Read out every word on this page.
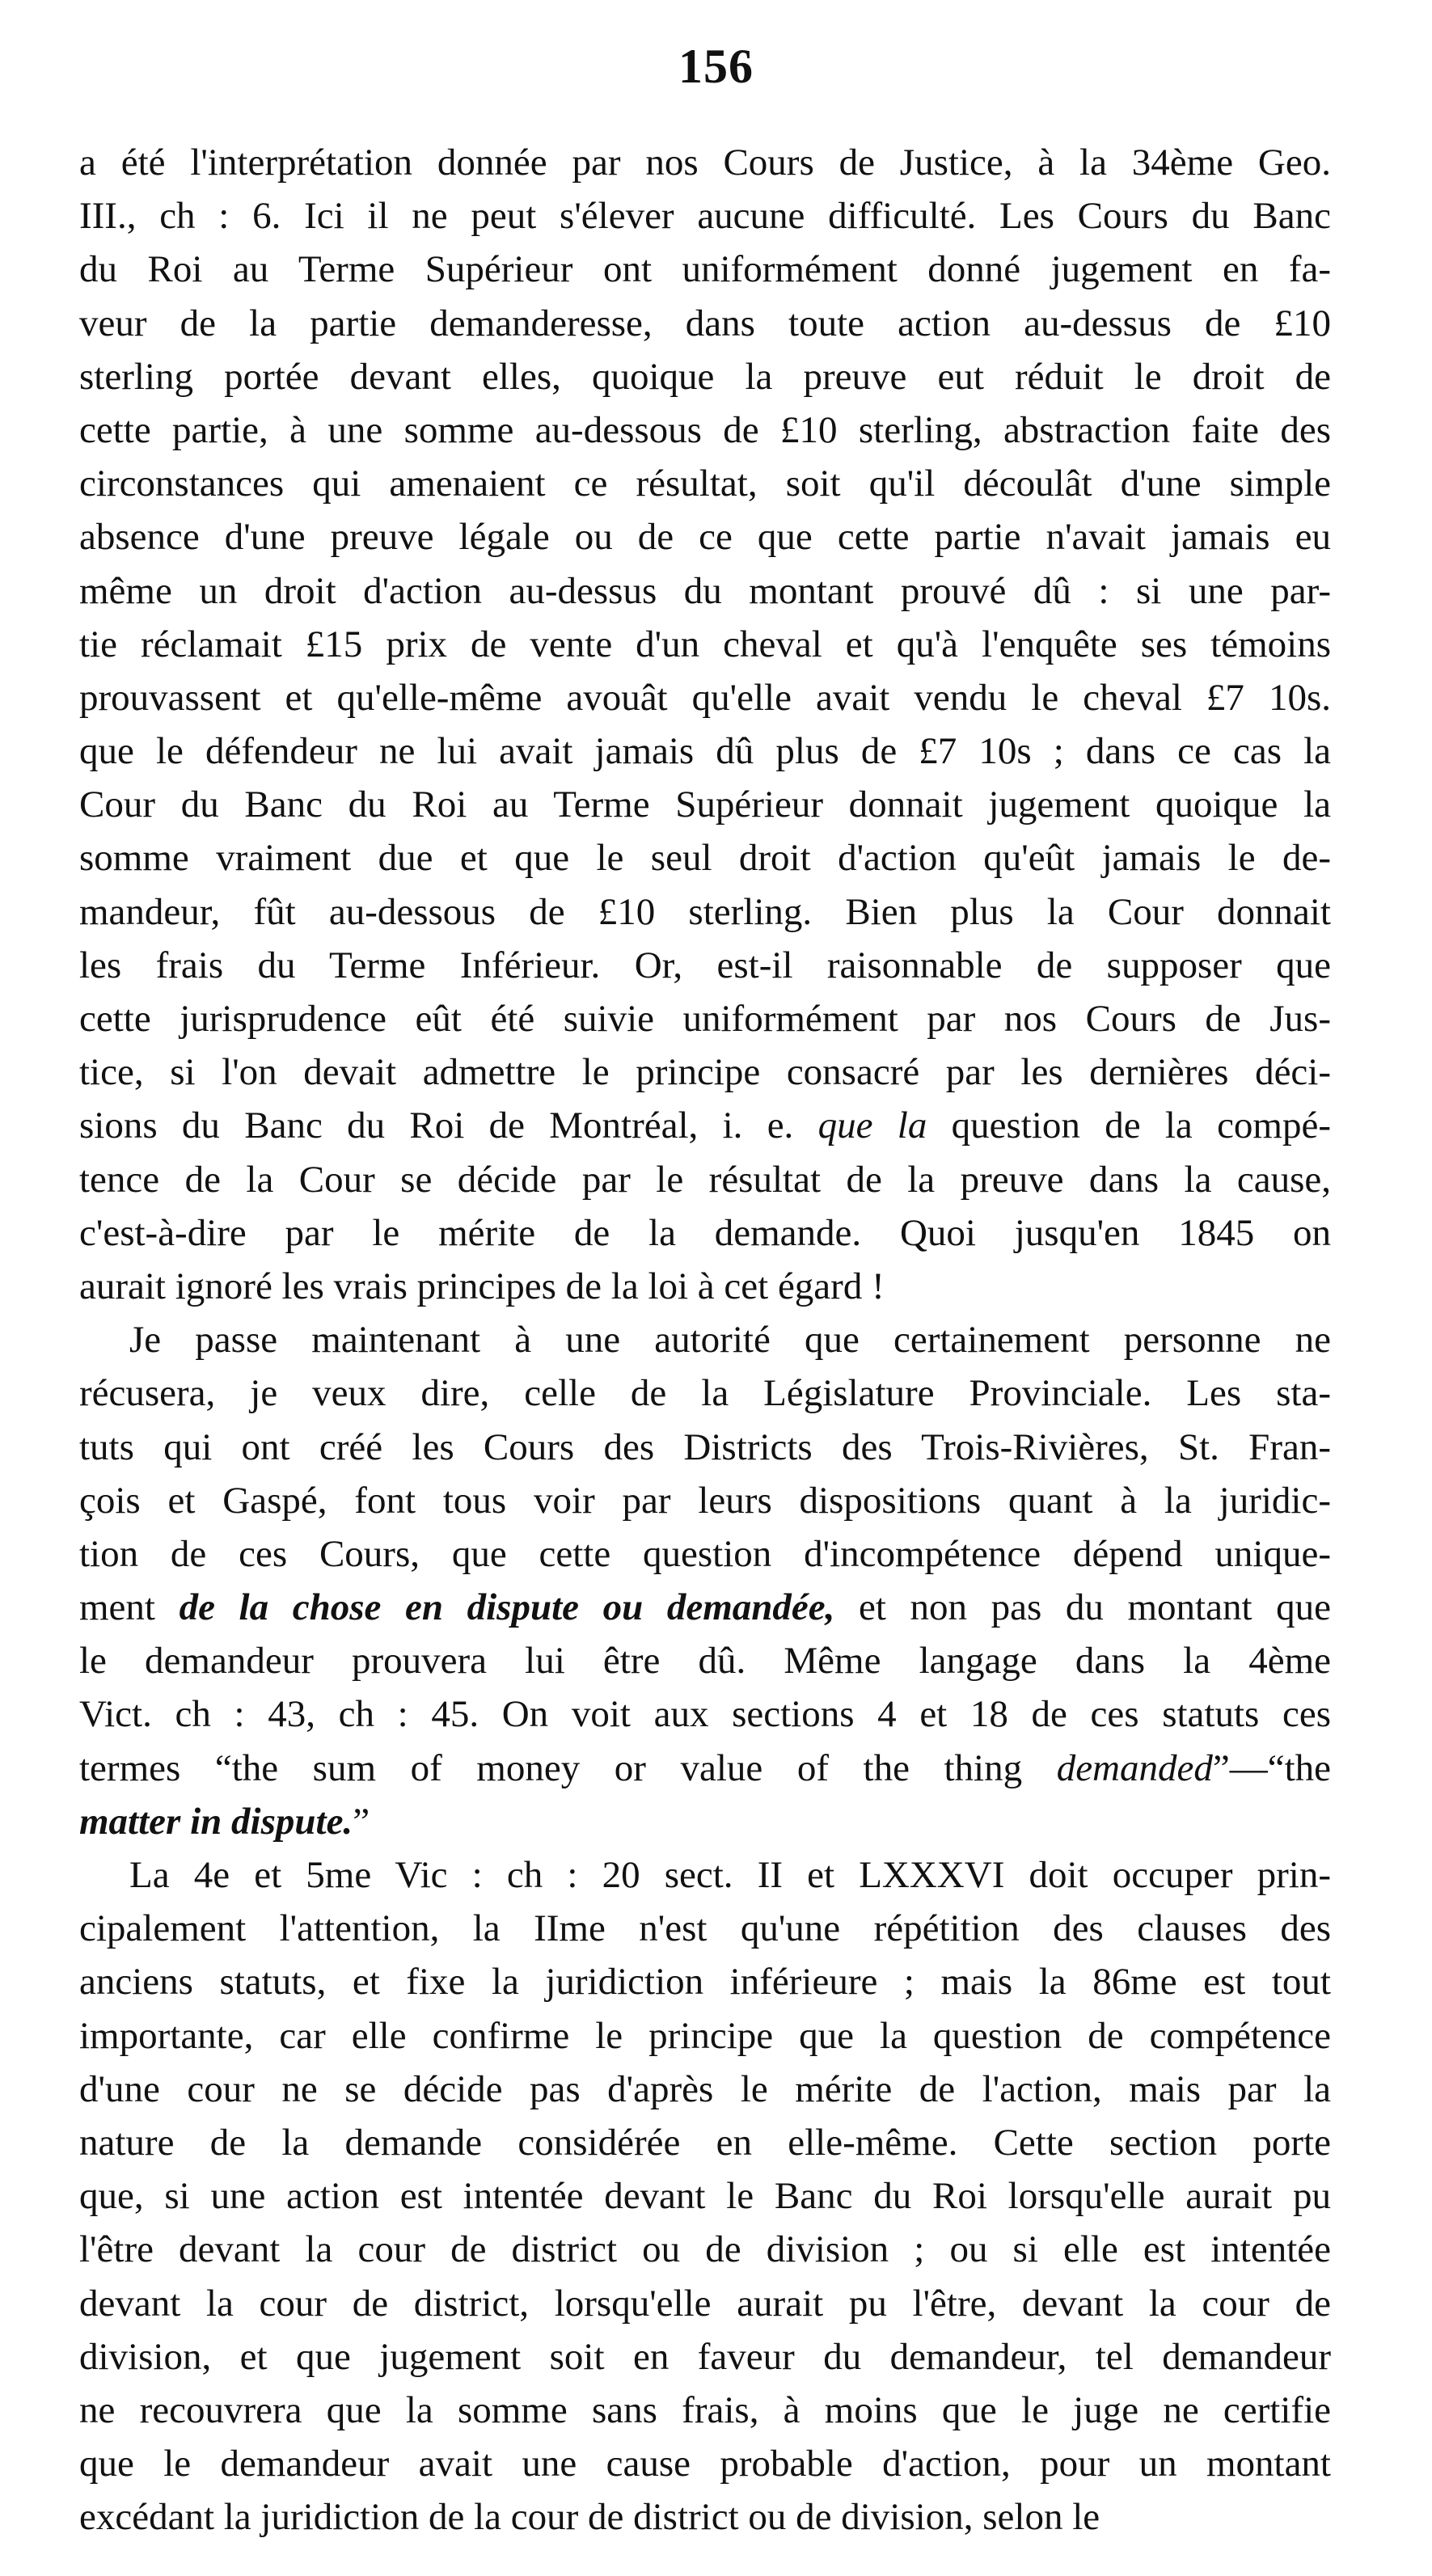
156
a été l'interprétation donnée par nos Cours de Justice, à la 34ème Geo.
III., ch : 6. Ici il ne peut s'élever aucune difficulté. Les Cours du Banc
du Roi au Terme Supérieur ont uniformément donné jugement en fa-
veur de la partie demanderesse, dans toute action au-dessus de £10
sterling portée devant elles, quoique la preuve eut réduit le droit de
cette partie, à une somme au-dessous de £10 sterling, abstraction faite des
circonstances qui amenaient ce résultat, soit qu'il découlât d'une simple
absence d'une preuve légale ou de ce que cette partie n'avait jamais eu
même un droit d'action au-dessus du montant prouvé dû : si une par-
tie réclamait £15 prix de vente d'un cheval et qu'à l'enquête ses témoins
prouvassent et qu'elle-même avouât qu'elle avait vendu le cheval £7 10s.
que le défendeur ne lui avait jamais dû plus de £7 10s ; dans ce cas la
Cour du Banc du Roi au Terme Supérieur donnait jugement quoique la
somme vraiment due et que le seul droit d'action qu'eût jamais le de-
mandeur, fût au-dessous de £10 sterling. Bien plus la Cour donnait
les frais du Terme Inférieur. Or, est-il raisonnable de supposer que
cette jurisprudence eût été suivie uniformément par nos Cours de Jus-
tice, si l'on devait admettre le principe consacré par les dernières déci-
sions du Banc du Roi de Montréal, i. e. que la question de la compé-
tence de la Cour se décide par le résultat de la preuve dans la cause,
c'est-à-dire par le mérite de la demande. Quoi jusqu'en 1845 on
aurait ignoré les vrais principes de la loi à cet égard !
Je passe maintenant à une autorité que certainement personne ne
récusera, je veux dire, celle de la Législature Provinciale. Les sta-
tuts qui ont créé les Cours des Districts des Trois-Rivières, St. Fran-
çois et Gaspé, font tous voir par leurs dispositions quant à la juridic-
tion de ces Cours, que cette question d'incompétence dépend unique-
ment de la chose en dispute ou demandée, et non pas du montant que
le demandeur prouvera lui être dû. Même langage dans la 4ème
Vict. ch : 43, ch : 45. On voit aux sections 4 et 18 de ces statuts ces
termes “the sum of money or value of the thing demanded”—“the
matter in dispute.”
La 4e et 5me Vic : ch : 20 sect. II et LXXXVI doit occuper prin-
cipalement l'attention, la IIme n'est qu'une répétition des clauses des
anciens statuts, et fixe la juridiction inférieure ; mais la 86me est tout
importante, car elle confirme le principe que la question de compétence
d'une cour ne se décide pas d'après le mérite de l'action, mais par la
nature de la demande considérée en elle-même. Cette section porte
que, si une action est intentée devant le Banc du Roi lorsqu'elle aurait pu
l'être devant la cour de district ou de division ; ou si elle est intentée
devant la cour de district, lorsqu'elle aurait pu l'être, devant la cour de
division, et que jugement soit en faveur du demandeur, tel demandeur
ne recouvrera que la somme sans frais, à moins que le juge ne certifie
que le demandeur avait une cause probable d'action, pour un montant
excédant la juridiction de la cour de district ou de division, selon le
